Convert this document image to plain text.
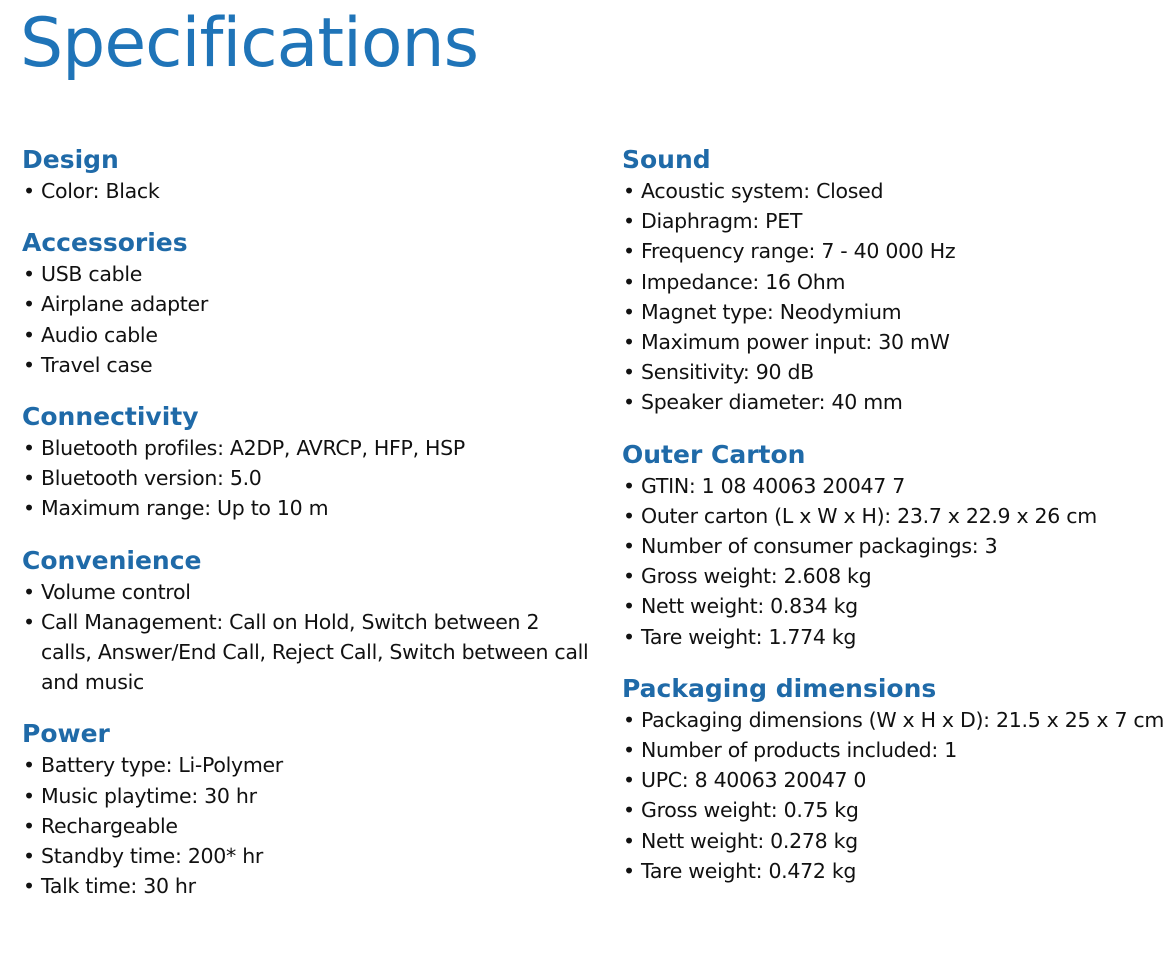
Specifications
Design
• Color: Black
Accessories
• USB cable
• Airplane adapter
• Audio cable
• Travel case
Connectivity
• Bluetooth profiles: A2DP, AVRCP, HFP, HSP
• Bluetooth version: 5.0
• Maximum range: Up to 10 m
Convenience
• Volume control
• Call Management: Call on Hold, Switch between 2 calls, Answer/End Call, Reject Call, Switch between call and music
Power
• Battery type: Li-Polymer
• Music playtime: 30 hr
• Rechargeable
• Standby time: 200* hr
• Talk time: 30 hr
Sound
• Acoustic system: Closed
• Diaphragm: PET
• Frequency range: 7 - 40 000 Hz
• Impedance: 16 Ohm
• Magnet type: Neodymium
• Maximum power input: 30 mW
• Sensitivity: 90 dB
• Speaker diameter: 40 mm
Outer Carton
• GTIN: 1 08 40063 20047 7
• Outer carton (L x W x H): 23.7 x 22.9 x 26 cm
• Number of consumer packagings: 3
• Gross weight: 2.608 kg
• Nett weight: 0.834 kg
• Tare weight: 1.774 kg
Packaging dimensions
• Packaging dimensions (W x H x D): 21.5 x 25 x 7 cm
• Number of products included: 1
• UPC: 8 40063 20047 0
• Gross weight: 0.75 kg
• Nett weight: 0.278 kg
• Tare weight: 0.472 kg
